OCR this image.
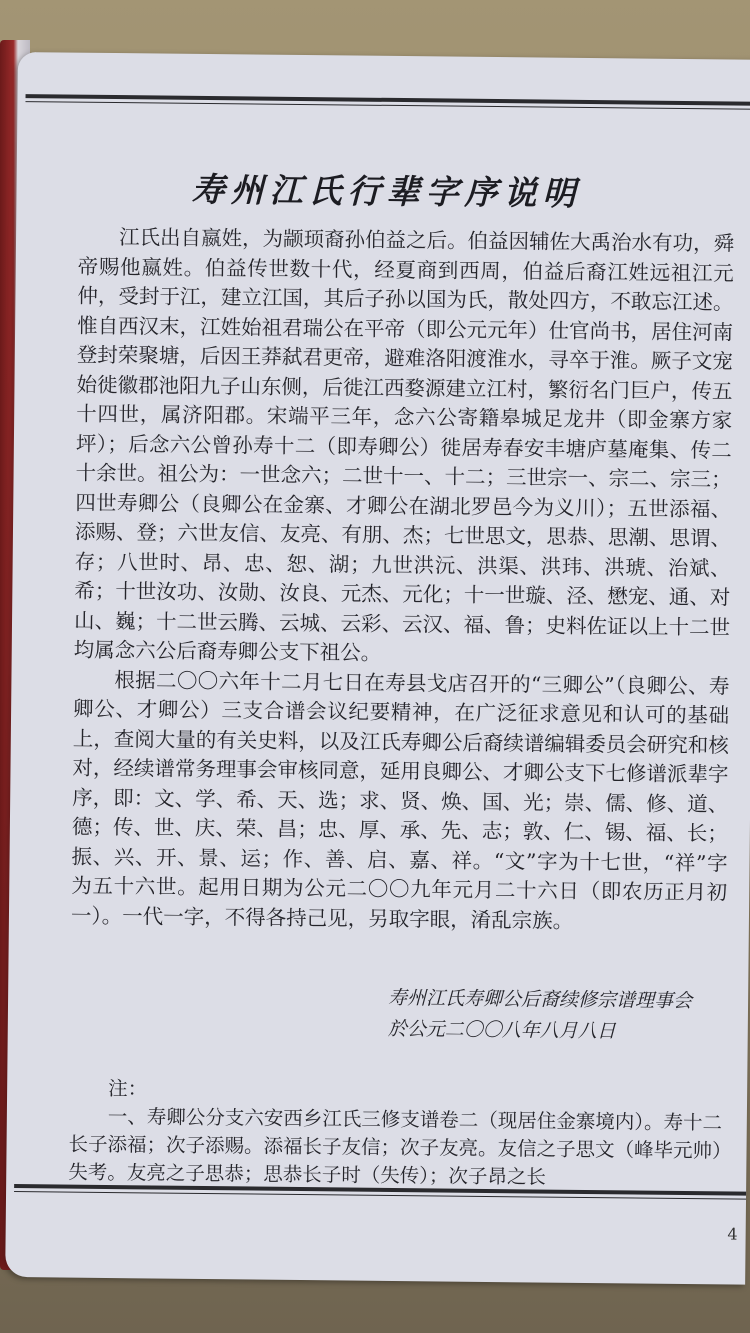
寿州江氏行辈字序说明

江氏出自嬴姓，为颛顼裔孙伯益之后。伯益因辅佐大禹治水有功，舜帝赐他嬴姓。伯益传世数十代，经夏商到西周，伯益后裔江姓远祖江元仲，受封于江，建立江国，其后子孙以国为氏，散处四方，不敢忘江述。惟自西汉末，江姓始祖君瑞公在平帝（即公元元年）仕官尚书，居住河南登封荣聚塘，后因王莽弑君更帝，避难洛阳渡淮水，寻卒于淮。厥子文宠始徙徽郡池阳九子山东侧，后徙江西婺源建立江村，繁衍名门巨户，传五十四世，属济阳郡。宋端平三年，念六公寄籍皋城足龙井（即金寨方家坪）；后念六公曾孙寿十二（即寿卿公）徙居寿春安丰塘庐墓庵集、传二十余世。祖公为：一世念六；二世十一、十二；三世宗一、宗二、宗三；四世寿卿公（良卿公在金寨、才卿公在湖北罗邑今为义川）；五世添福、添赐、登；六世友信、友亮、有朋、杰；七世思文，思恭、思潮、思谓、存；八世时、昂、忠、恕、湖；九世洪沅、洪渠、洪玮、洪琥、治斌、希；十世汝功、汝勋、汝良、元杰、元化；十一世璇、泾、懋宠、通、对山、巍；十二世云腾、云城、云彩、云汉、福、鲁；史料佐证以上十二世均属念六公后裔寿卿公支下祖公。

根据二〇〇六年十二月七日在寿县戈店召开的“三卿公”（良卿公、寿卿公、才卿公）三支合谱会议纪要精神，在广泛征求意见和认可的基础上，查阅大量的有关史料，以及江氏寿卿公后裔续谱编辑委员会研究和核对，经续谱常务理事会审核同意，延用良卿公、才卿公支下七修谱派辈字序，即：文、学、希、天、选；求、贤、焕、国、光；崇、儒、修、道、德；传、世、庆、荣、昌；忠、厚、承、先、志；敦、仁、锡、福、长；振、兴、开、景、运；作、善、启、嘉、祥。“文”字为十七世，“祥”字为五十六世。起用日期为公元二〇〇九年元月二十六日（即农历正月初一）。一代一字，不得各持己见，另取字眼，淆乱宗族。

寿州江氏寿卿公后裔续修宗谱理事会
於公元二〇〇八年八月八日
注：
一、寿卿公分支六安西乡江氏三修支谱卷二（现居住金寨境内）。寿十二长子添福；次子添赐。添福长子友信；次子友亮。友信之子思文（峰毕元帅）失考。友亮之子思恭；思恭长子时（失传）；次子昂之长
4
